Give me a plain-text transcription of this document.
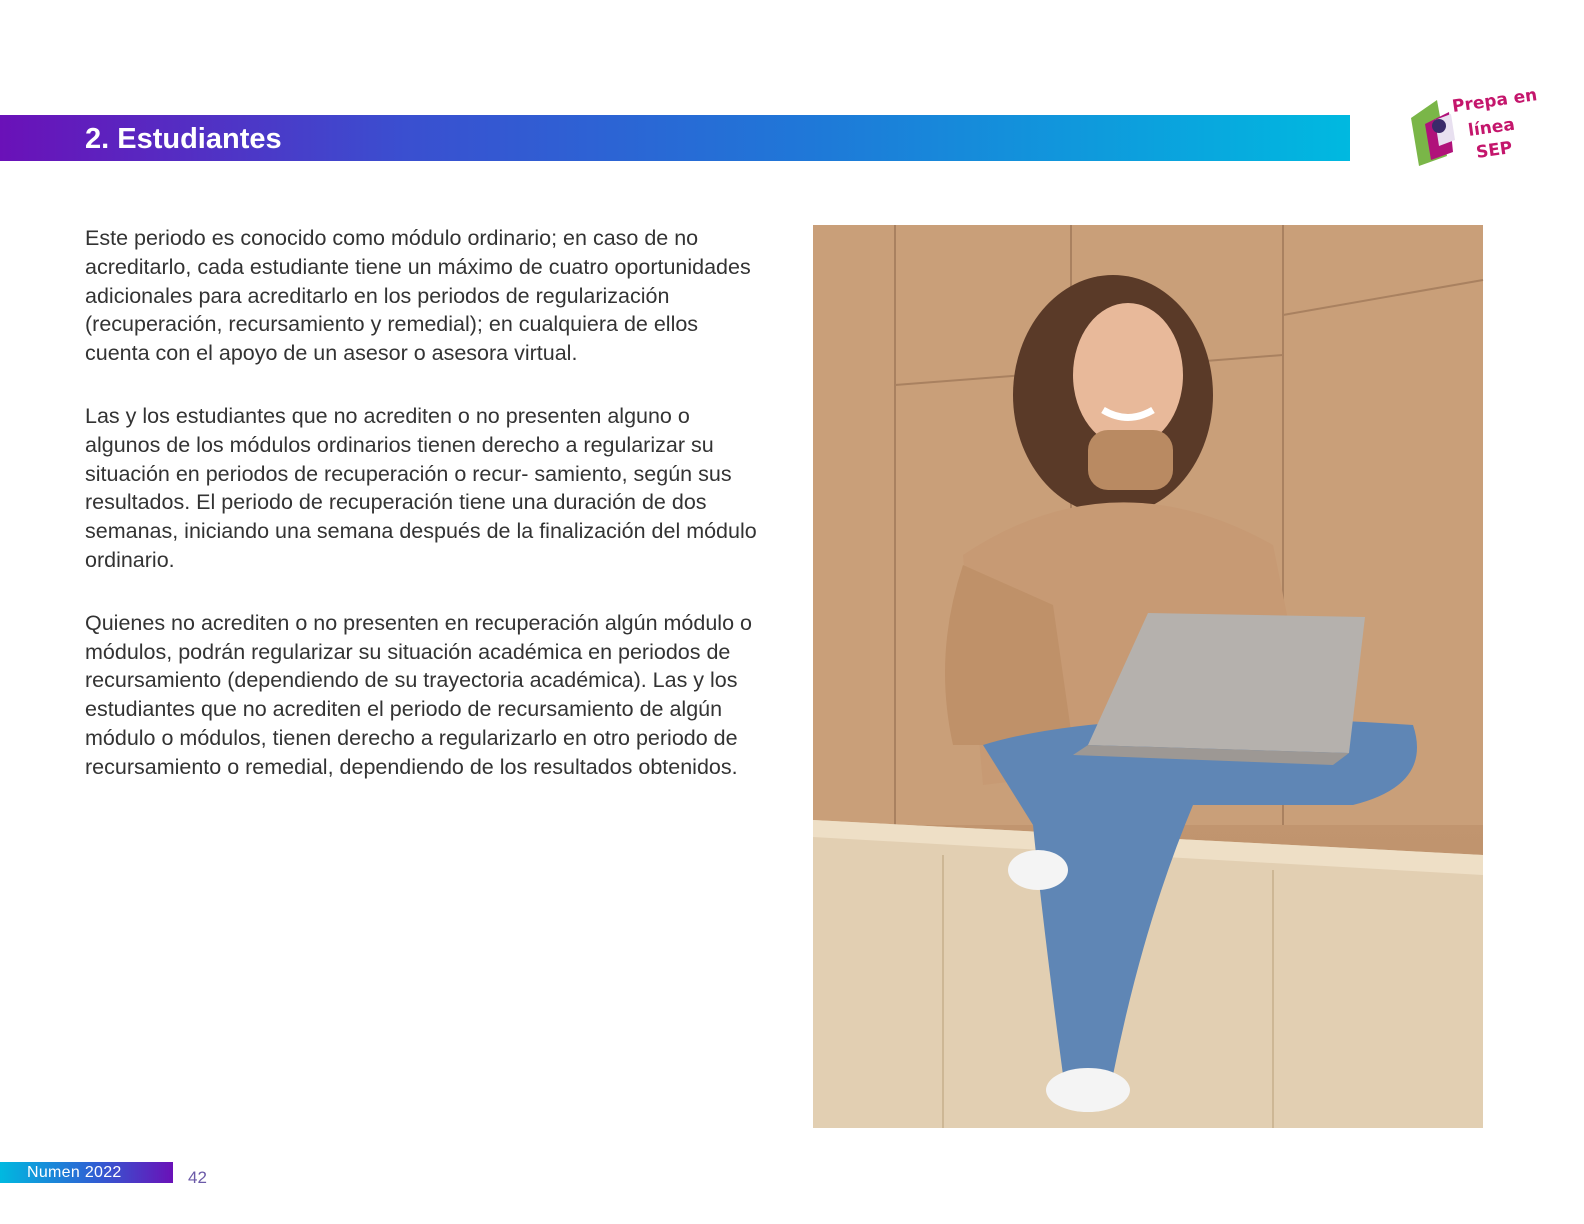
2. Estudiantes
Prepa en
línea
SEP

Este periodo es conocido como módulo ordinario; en caso de no acreditarlo, cada estudiante tiene un máximo de cuatro oportunidades adicionales para acreditarlo en los periodos de regularización (recuperación, recursamiento y remedial); en cualquiera de ellos cuenta con el apoyo de un asesor o asesora virtual.

Las y los estudiantes que no acrediten o no presenten alguno o algunos de los módulos ordinarios tienen derecho a regularizar su situación en periodos de recuperación o recur- samiento, según sus resultados. El periodo de recuperación tiene una duración de dos semanas, iniciando una semana después de la finalización del módulo ordinario.

Quienes no acrediten o no presenten en recuperación algún módulo o módulos, podrán regularizar su situación académica en periodos de recursamiento (dependiendo de su trayectoria académica). Las y los estudiantes que no acrediten el periodo de recursamiento de algún módulo o módulos, tienen derecho a regularizarlo en otro periodo de recursamiento o remedial, dependiendo de los resultados obtenidos.

Numen 2022	42
